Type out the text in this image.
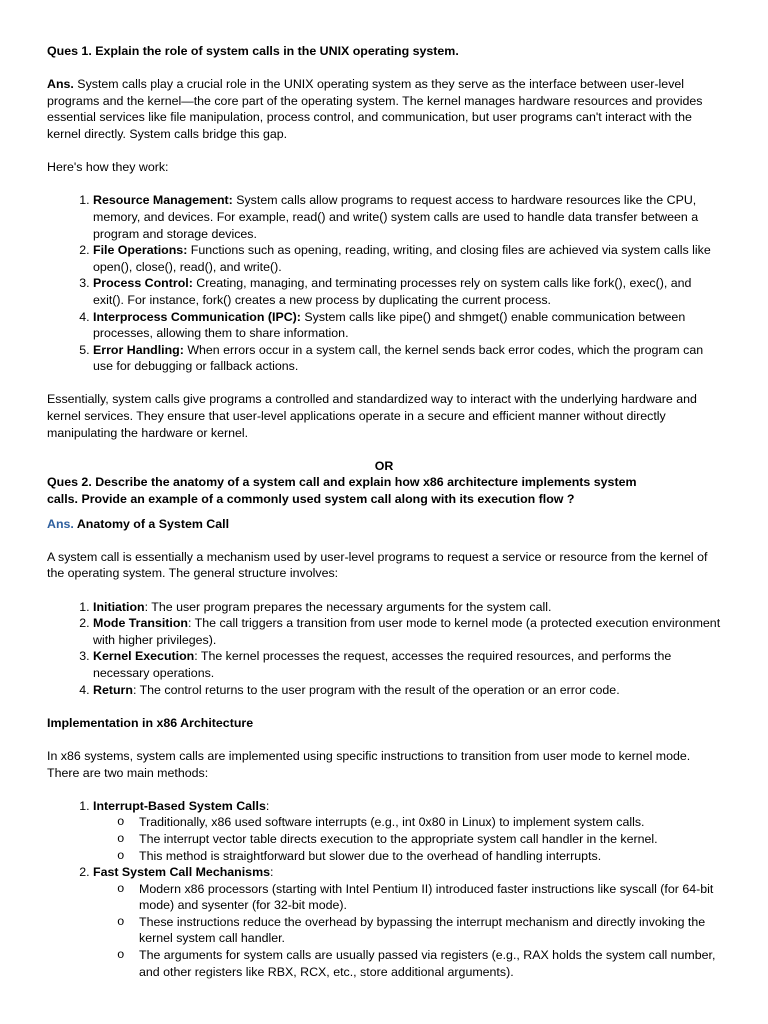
Ques 1. Explain the role of system calls in the UNIX operating system.

Ans. System calls play a crucial role in the UNIX operating system as they serve as the interface between user-level programs and the kernel—the core part of the operating system. The kernel manages hardware resources and provides essential services like file manipulation, process control, and communication, but user programs can't interact with the kernel directly. System calls bridge this gap.

Here's how they work:

1. Resource Management: System calls allow programs to request access to hardware resources like the CPU, memory, and devices. For example, read() and write() system calls are used to handle data transfer between a program and storage devices.
2. File Operations: Functions such as opening, reading, writing, and closing files are achieved via system calls like open(), close(), read(), and write().
3. Process Control: Creating, managing, and terminating processes rely on system calls like fork(), exec(), and exit(). For instance, fork() creates a new process by duplicating the current process.
4. Interprocess Communication (IPC): System calls like pipe() and shmget() enable communication between processes, allowing them to share information.
5. Error Handling: When errors occur in a system call, the kernel sends back error codes, which the program can use for debugging or fallback actions.

Essentially, system calls give programs a controlled and standardized way to interact with the underlying hardware and kernel services. They ensure that user-level applications operate in a secure and efficient manner without directly manipulating the hardware or kernel.

OR

Ques 2. Describe the anatomy of a system call and explain how x86 architecture implements system calls. Provide an example of a commonly used system call along with its execution flow ?

Ans. Anatomy of a System Call

A system call is essentially a mechanism used by user-level programs to request a service or resource from the kernel of the operating system. The general structure involves:

1. Initiation: The user program prepares the necessary arguments for the system call.
2. Mode Transition: The call triggers a transition from user mode to kernel mode (a protected execution environment with higher privileges).
3. Kernel Execution: The kernel processes the request, accesses the required resources, and performs the necessary operations.
4. Return: The control returns to the user program with the result of the operation or an error code.

Implementation in x86 Architecture

In x86 systems, system calls are implemented using specific instructions to transition from user mode to kernel mode. There are two main methods:

1. Interrupt-Based System Calls:
o Traditionally, x86 used software interrupts (e.g., int 0x80 in Linux) to implement system calls.
o The interrupt vector table directs execution to the appropriate system call handler in the kernel.
o This method is straightforward but slower due to the overhead of handling interrupts.
2. Fast System Call Mechanisms:
o Modern x86 processors (starting with Intel Pentium II) introduced faster instructions like syscall (for 64-bit mode) and sysenter (for 32-bit mode).
o These instructions reduce the overhead by bypassing the interrupt mechanism and directly invoking the kernel system call handler.
o The arguments for system calls are usually passed via registers (e.g., RAX holds the system call number, and other registers like RBX, RCX, etc., store additional arguments).
